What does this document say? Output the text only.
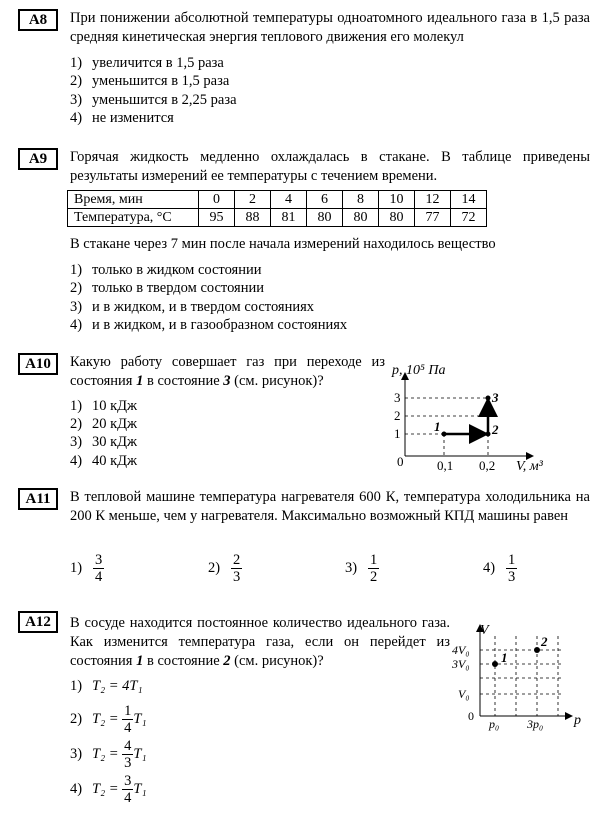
A8	При понижении абсолютной температуры одноатомного идеального газа в 1,5 раза средняя кинетическая энергия теплового движения его молекул
1) увеличится в 1,5 раза
2) уменьшится в 1,5 раза
3) уменьшится в 2,25 раза
4) не изменится
A9	Горячая жидкость медленно охлаждалась в стакане. В таблице приведены результаты измерений ее температуры с течением времени.
Время, мин	0	2	4	6	8	10	12	14
Температура, °С	95	88	81	80	80	80	77	72
В стакане через 7 мин после начала измерений находилось вещество
1) только в жидком состоянии
2) только в твердом состоянии
3) и в жидком, и в твердом состояниях
4) и в жидком, и в газообразном состояниях
A10	Какую работу совершает газ при переходе из состояния 1 в состояние 3 (см. рисунок)?
1) 10 кДж
2) 20 кДж
3) 30 кДж
4) 40 кДж
p, 10⁵ Па
V, м³
2
1
3
0	0,1 0,2
1	2
3
A11	В тепловой машине температура нагревателя 600 К, температура холодильника на 200 К меньше, чем у нагревателя. Максимально возможный КПД машины равен
$1) \frac{3}{4}$	$2) \frac{2}{3}$	$3) \frac{1}{2}$	$4) \frac{1}{3}$
A12	В сосуде находится постоянное количество идеального газа. Как изменится температура газа, если он перейдет из состояния 1 в состояние 2 (см. рисунок)?
1) T₂ = 4T₁
2) $T_2 = \frac{1}{4} T_1$
3) $T_2 = \frac{4}{3} T_1$
4) $T_2 = \frac{3}{4} T_1$
V
p
4V₀
3V₀
V₀
0
p₀ 3p₀
1
2
